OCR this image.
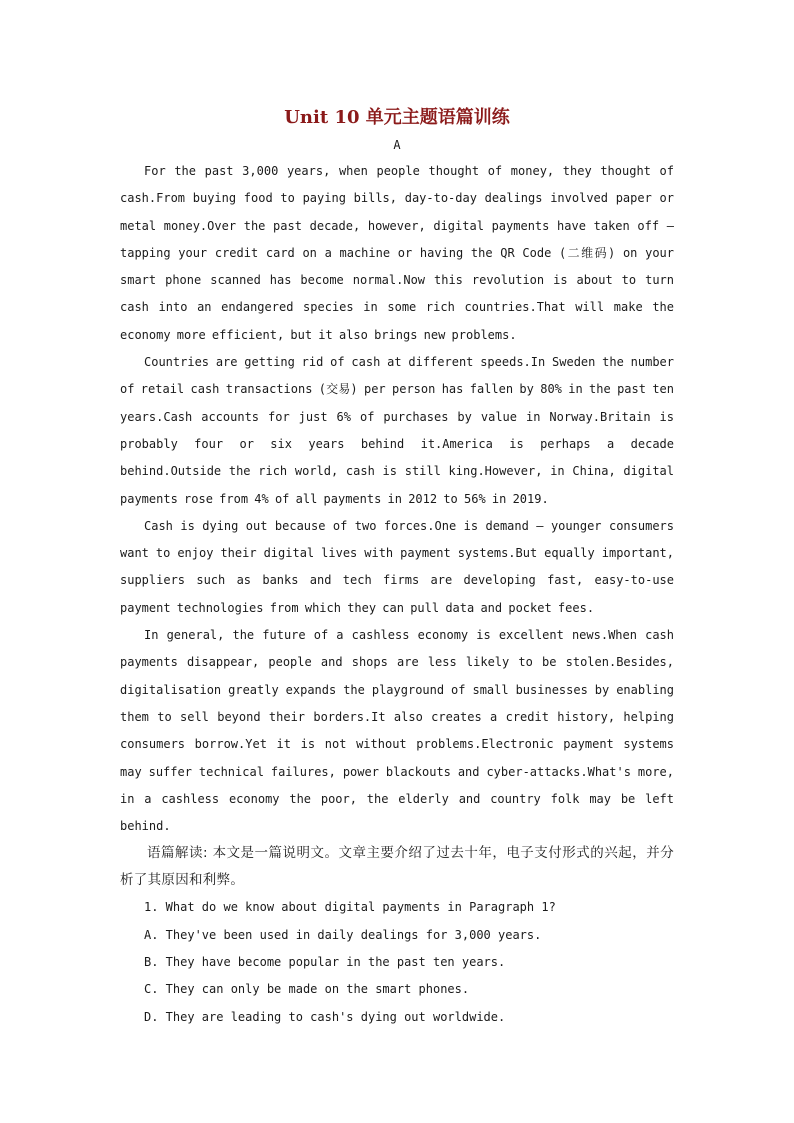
Unit 10 单元主题语篇训练
A

For the past 3,000 years, when people thought of money, they thought of cash.From buying food to paying bills, day-to-day dealings involved paper or metal money.Over the past decade, however, digital payments have taken off — tapping your credit card on a machine or having the QR Code (二维码) on your smart phone scanned has become normal.Now this revolution is about to turn cash into an endangered species in some rich countries.That will make the economy more efficient, but it also brings new problems.

Countries are getting rid of cash at different speeds.In Sweden the number of retail cash transactions (交易) per person has fallen by 80% in the past ten years.Cash accounts for just 6% of purchases by value in Norway.Britain is probably four or six years behind it.America is perhaps a decade behind.Outside the rich world, cash is still king.However, in China, digital payments rose from 4% of all payments in 2012 to 56% in 2019.

Cash is dying out because of two forces.One is demand — younger consumers want to enjoy their digital lives with payment systems.But equally important, suppliers such as banks and tech firms are developing fast, easy-to-use payment technologies from which they can pull data and pocket fees.

In general, the future of a cashless economy is excellent news.When cash payments disappear, people and shops are less likely to be stolen.Besides, digitalisation greatly expands the playground of small businesses by enabling them to sell beyond their borders.It also creates a credit history, helping consumers borrow.Yet it is not without problems.Electronic payment systems may suffer technical failures, power blackouts and cyber-attacks.What's more, in a cashless economy the poor, the elderly and country folk may be left behind.

语篇解读: 本文是一篇说明文。文章主要介绍了过去十年，电子支付形式的兴起，并分析了其原因和利弊。

1. What do we know about digital payments in Paragraph 1?

A. They've been used in daily dealings for 3,000 years.

B. They have become popular in the past ten years.

C. They can only be made on the smart phones.

D. They are leading to cash's dying out worldwide.
